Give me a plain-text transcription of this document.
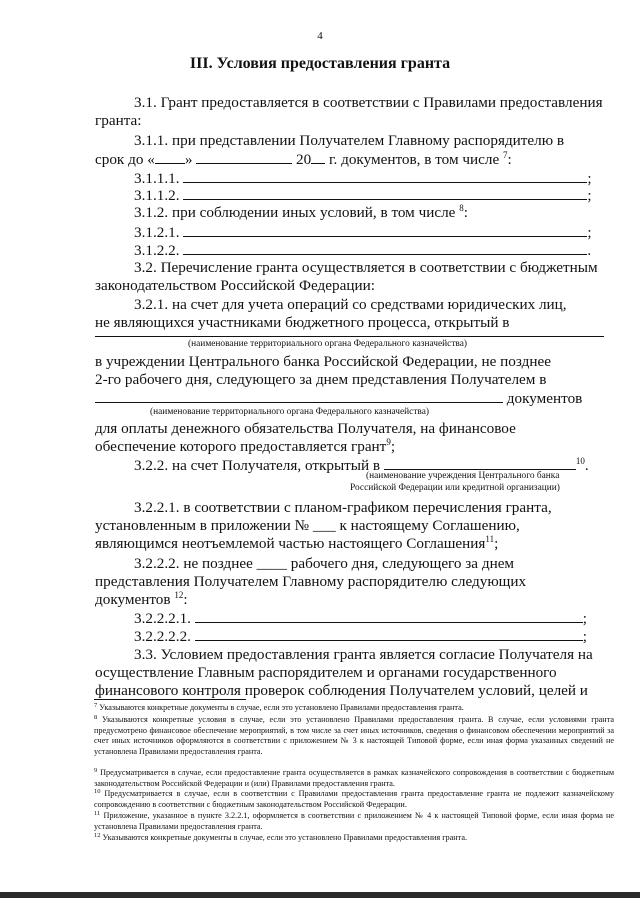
4
III. Условия предоставления гранта
3.1. Грант предоставляется в соответствии с Правилами предоставления
гранта:
3.1.1. при представлении Получателем Главному распорядителю в
срок до « »	20 г. документов, в том числе $^7$:
3.1.1.1.	;
3.1.1.2.	;
3.1.2. при соблюдении иных условий, в том числе $^8$:
3.1.2.1.	;
3.1.2.2.	.
3.2. Перечисление гранта осуществляется в соответствии с бюджетным
законодательством Российской Федерации:
3.2.1. на счет для учета операций со средствами юридических лиц,
не являющихся участниками бюджетного процесса, открытый в
(наименование территориального органа Федерального казначейства)
в учреждении Центрального банка Российской Федерации, не позднее
2-го рабочего дня, следующего за днем представления Получателем в
документов
(наименование территориального органа Федерального казначейства)
для оплаты денежного обязательства Получателя, на финансовое
обеспечение которого предоставляется грант$^9$;
3.2.2. на счет Получателя, открытый в	$^{10}$.
(наименование учреждения Центрального банка
Российской Федерации или кредитной организации)
3.2.2.1. в соответствии с планом-графиком перечисления гранта,
установленным в приложении № ___ к настоящему Соглашению,
являющимся неотъемлемой частью настоящего Соглашения$^{11}$;
3.2.2.2. не позднее ____ рабочего дня, следующего за днем
представления Получателем Главному распорядителю следующих
документов $^{12}$:
3.2.2.2.1.	;
3.2.2.2.2.	;
3.3. Условием предоставления гранта является согласие Получателя на
осуществление Главным распорядителем и органами государственного
финансового контроля проверок соблюдения Получателем условий, целей и
$^7$ Указываются конкретные документы в случае, если это установлено Правилами предоставления гранта.
$^8$ Указываются конкретные условия в случае, если это установлено Правилами предоставления гранта. В случае, если условиями гранта предусмотрено финансовое обеспечение мероприятий, в том числе за счет иных источников, сведения о финансовом обеспечении мероприятий за счет иных источников оформляются в соответствии с приложением № 3 к настоящей Типовой форме, если иная форма указанных сведений не установлена Правилами предоставления гранта.
$^9$ Предусматривается в случае, если предоставление гранта осуществляется в рамках казначейского сопровождения в соответствии с бюджетным законодательством Российской Федерации и (или) Правилами предоставления гранта.
$^{10}$ Предусматривается в случае, если в соответствии с Правилами предоставления гранта предоставление гранта не подлежит казначейскому сопровождению в соответствии с бюджетным законодательством Российской Федерации.
$^{11}$ Приложение, указанное в пункте 3.2.2.1, оформляется в соответствии с приложением № 4 к настоящей Типовой форме, если иная форма не установлена Правилами предоставления гранта.
$^{12}$ Указываются конкретные документы в случае, если это установлено Правилами предоставления гранта.
